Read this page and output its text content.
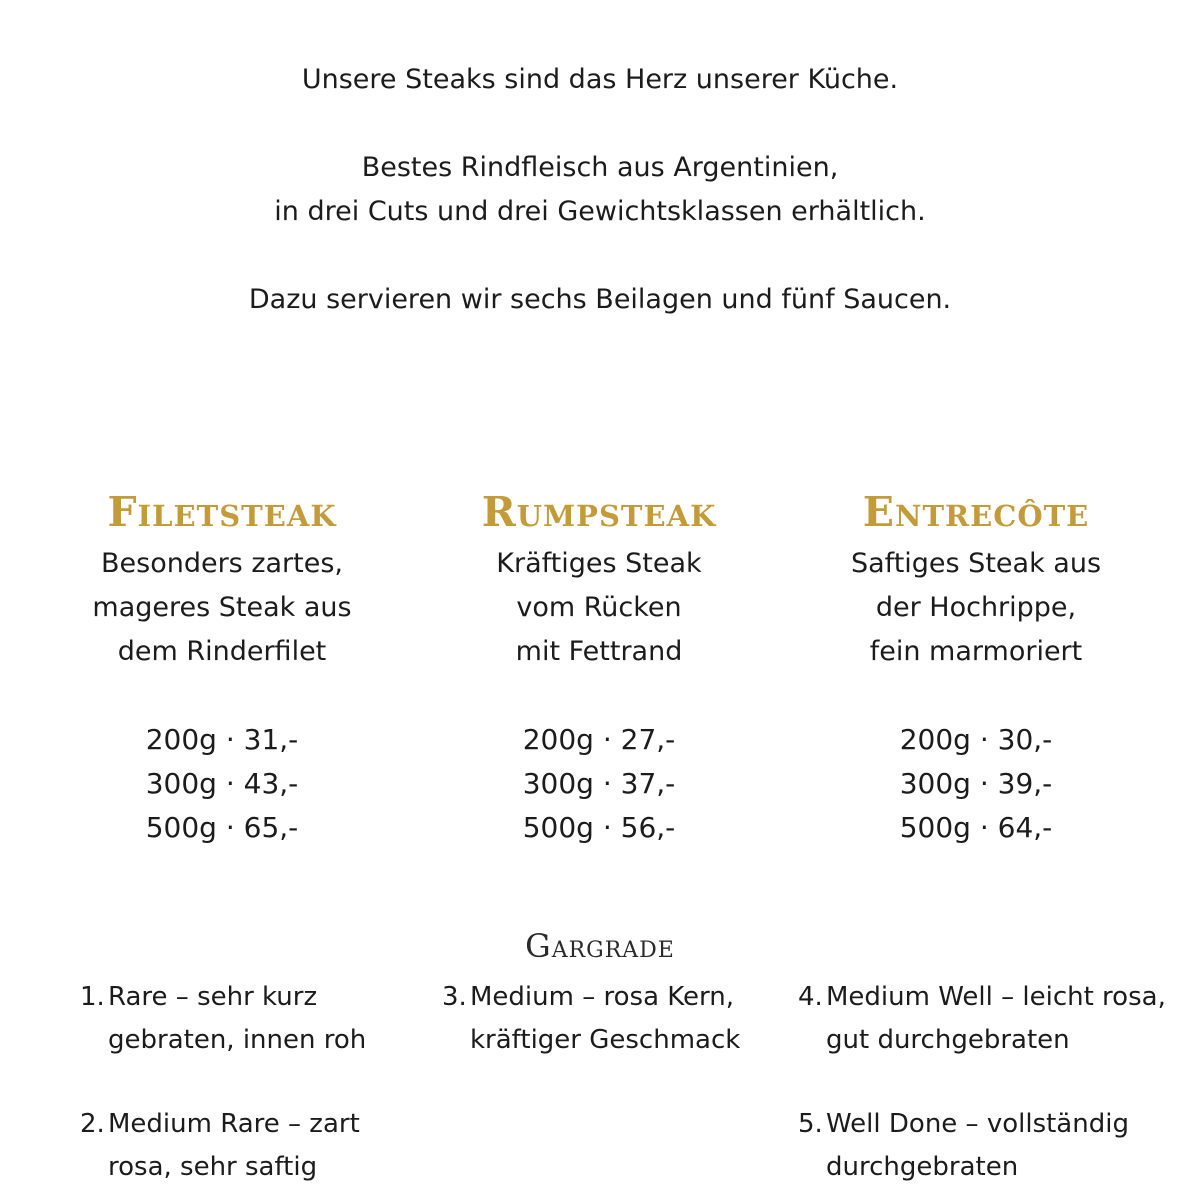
Unsere Steaks sind das Herz unserer Küche.

Bestes Rindfleisch aus Argentinien,
in drei Cuts und drei Gewichtsklassen erhältlich.

Dazu servieren wir sechs Beilagen und fünf Saucen.

Filetsteak

Besonders zartes,
mageres Steak aus
dem Rinderfilet

200g · 31,-
300g · 43,-
500g · 65,-
Rumpsteak

Kräftiges Steak
vom Rücken
mit Fettrand

200g · 27,-
300g · 37,-
500g · 56,-
Entrecôte

Saftiges Steak aus
der Hochrippe,
fein marmoriert

200g · 30,-
300g · 39,-
500g · 64,-
Gargrade
1. Rare – sehr kurz
gebraten, innen roh
2. Medium Rare – zart
rosa, sehr saftig
3. Medium – rosa Kern,
kräftiger Geschmack
4. Medium Well – leicht rosa,
gut durchgebraten
5. Well Done – vollständig
durchgebraten
